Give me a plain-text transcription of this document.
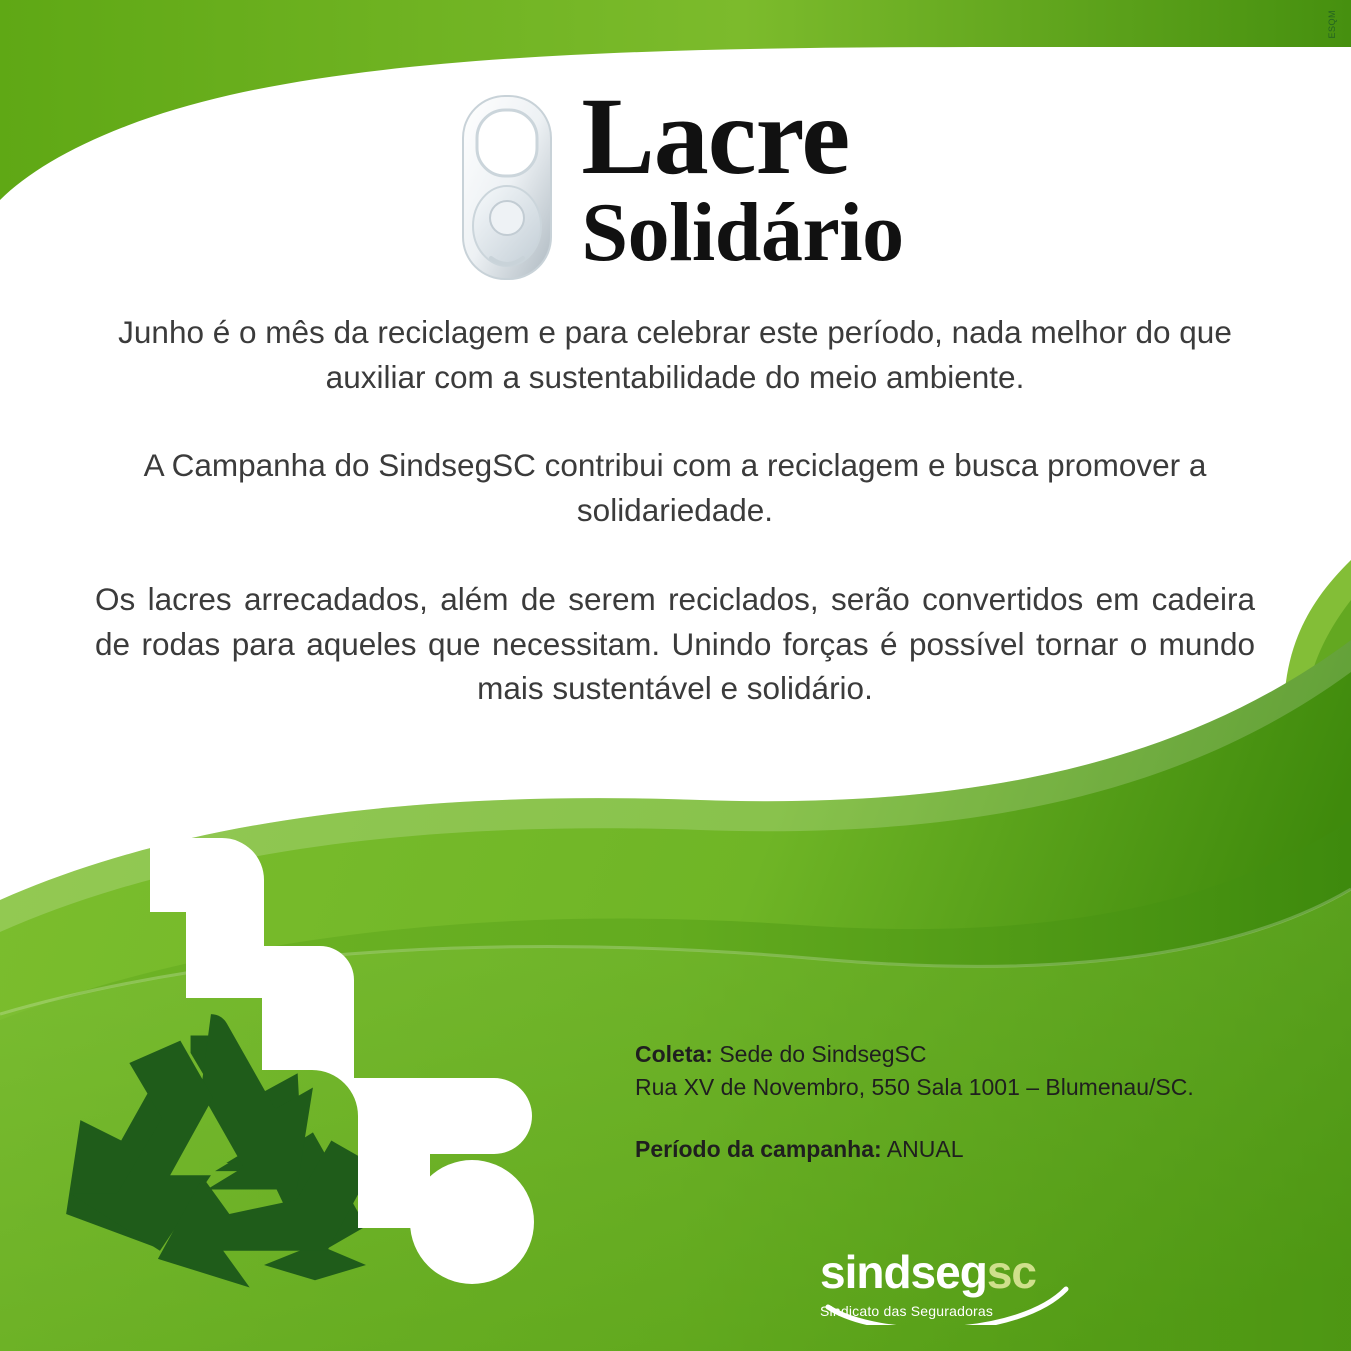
ESQM
Lacre
Solidário

Junho é o mês da reciclagem e para celebrar este período, nada melhor do que auxiliar com a sustentabilidade do meio ambiente.

A Campanha do SindsegSC contribui com a reciclagem e busca promover a solidariedade.

Os lacres arrecadados, além de serem reciclados, serão convertidos em cadeira de rodas para aqueles que necessitam. Unindo forças é possível tornar o mundo mais sustentável e solidário.

Coleta: Sede do SindsegSC

Rua XV de Novembro, 550 Sala 1001 – Blumenau/SC.

Período da campanha: ANUAL

sindsegsc
Sindicato das Seguradoras
